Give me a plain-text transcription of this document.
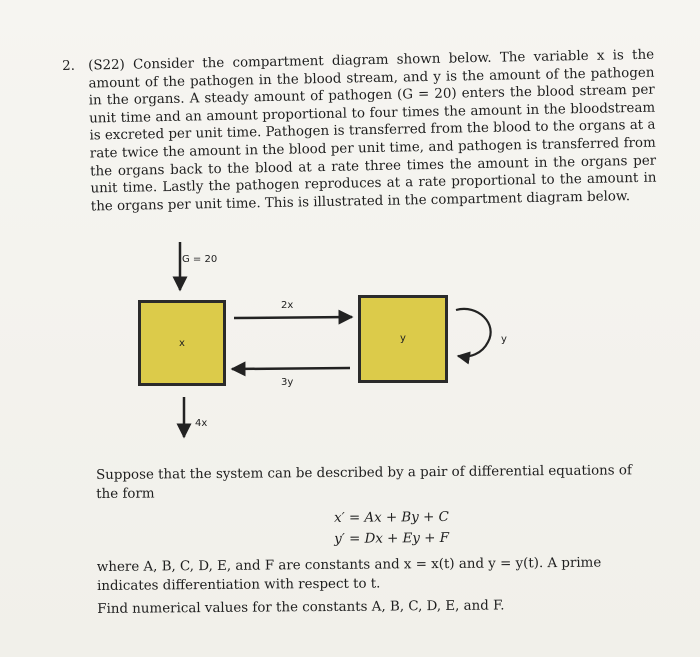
2. (S22) Consider the compartment diagram shown below. The variable x is the amount of the pathogen in the blood stream, and y is the amount of the pathogen in the organs. A steady amount of pathogen (G = 20) enters the blood stream per unit time and an amount proportional to four times the amount in the bloodstream is excreted per unit time. Pathogen is transferred from the blood to the organs at a rate twice the amount in the blood per unit time, and pathogen is transferred from the organs back to the blood at a rate three times the amount in the organs per unit time. Lastly the pathogen reproduces at a rate proportional to the amount in the organs per unit time. This is illustrated in the compartment diagram below.
G = 20
x	y
2x
3y
4x
y
Suppose that the system can be described by a pair of differential equations of the form
x′ = Ax + By + C
y′ = Dx + Ey + F
where A, B, C, D, E, and F are constants and x = x(t) and y = y(t). A prime indicates differentiation with respect to t.
Find numerical values for the constants A, B, C, D, E, and F.
